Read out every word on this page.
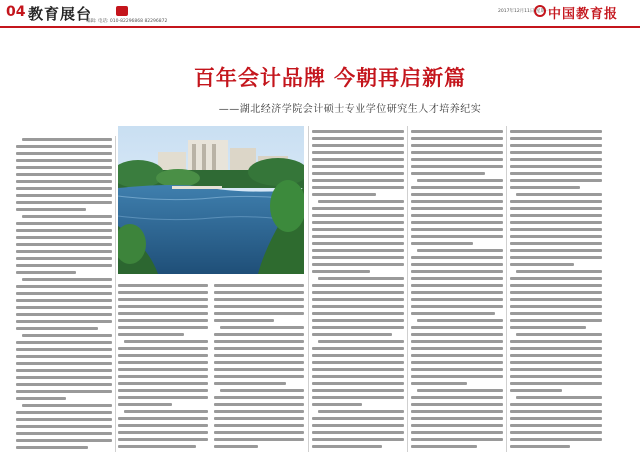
04 教育展台
编辑: 电话: 010-82296868 82296872
2017年12月11日 星期一
中国教育报
百年会计品牌 今朝再启新篇
——湖北经济学院会计硕士专业学位研究生人才培养纪实
